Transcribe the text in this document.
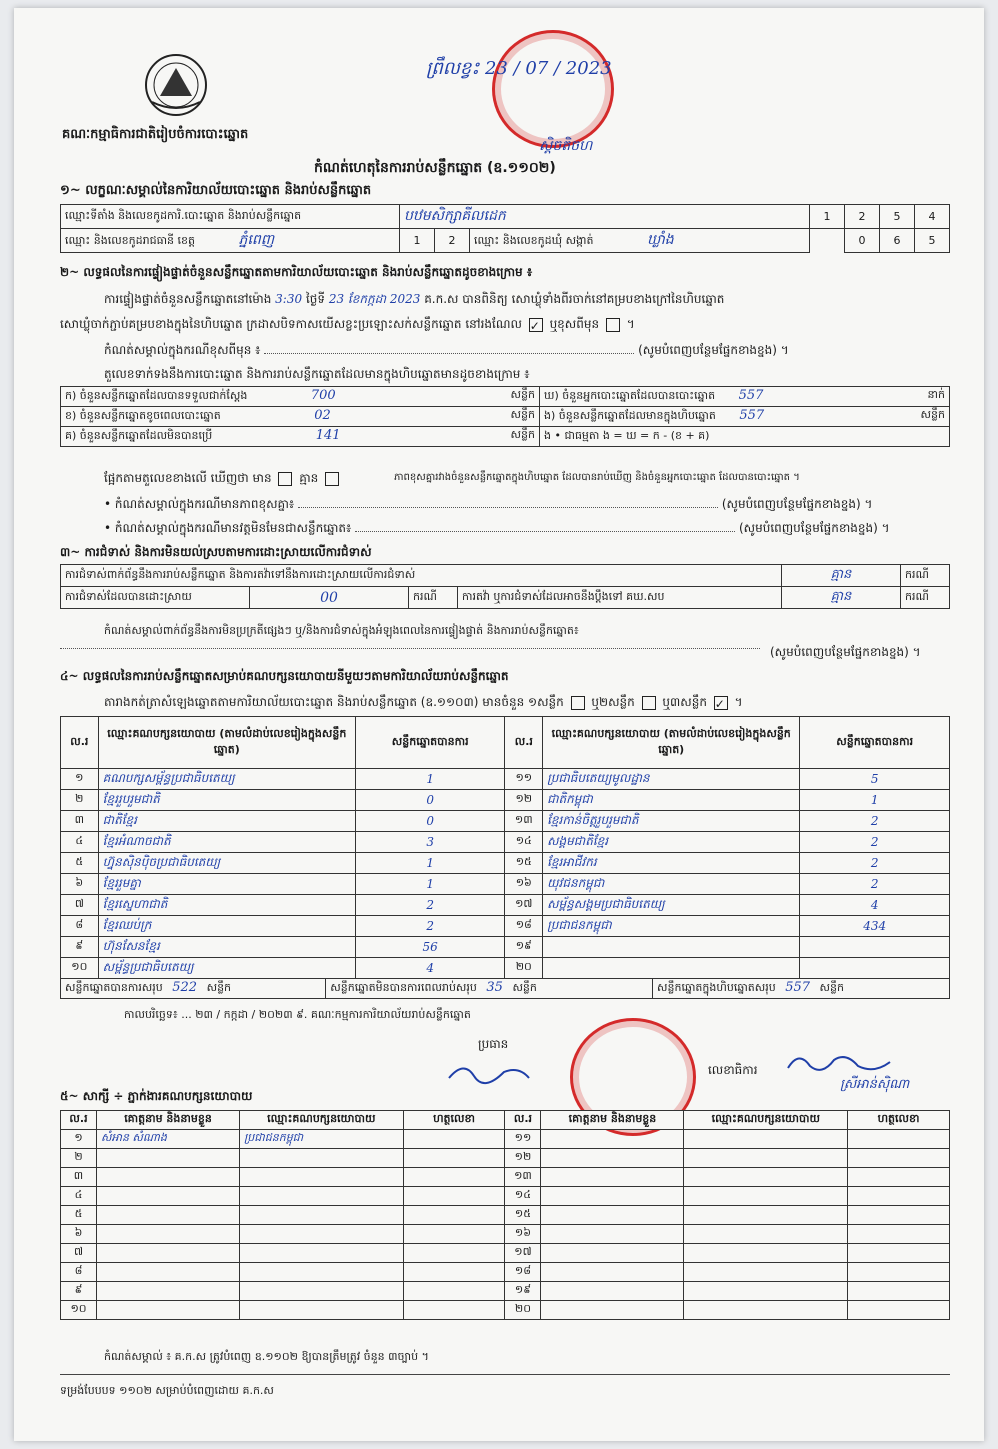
គណៈកម្មាធិការជាតិរៀបចំការបោះឆ្នោត
ព្រឹលខ្វះ 23 / 07 / 2023
ស្តិចតិចហ
កំណត់ហេតុនៃការរាប់សន្លឹកឆ្នោត (ឧ.១១០២)
១~ លក្ខណៈសម្គាល់នៃការិយាល័យបោះឆ្នោត និងរាប់សន្លឹកឆ្នោត
ឈ្មោះទីតាំង និងលេខកូដការិ.បោះឆ្នោត និងរាប់សន្លឹកឆ្នោត	បឋមសិក្សាគីលដេក			1	2	5	4
ឈ្មោះ និងលេខកូដរាជធានី ខេត្ត ភ្នំពេញ	1	2	ឈ្មោះ និងលេខកូដឃុំ សង្កាត់ ឃ្លាំង		0	6	5
២~ លទ្ធផលនៃការផ្ទៀងផ្ទាត់ចំនួនសន្លឹកឆ្នោតតាមការិយាល័យបោះឆ្នោត និងរាប់សន្លឹកឆ្នោតដូចខាងក្រោម ៖
ការផ្ទៀងផ្ទាត់ចំនួនសន្លឹកឆ្នោតនៅម៉ោង 3:30 ថ្ងៃទី 23 ខែកក្កដា 2023 គ.ក.ស បានពិនិត្យ សោឃ្លុំទាំងពីរចាក់នៅគម្របខាងក្រៅនៃហិបឆ្នោត
សោឃ្លុំចាក់ភ្ជាប់គម្របខាងក្នុងនៃហិបឆ្នោត ក្រដាសបិទកាសយើសខ្លះប្រឡោះសក់សន្លឹកឆ្នោត នៅរងណែល ✓ ឬខុសពីមុន  ។
កំណត់សម្គាល់ក្នុងករណីខុសពីមុន ៖	(សូមបំពេញបន្ថែមផ្នែកខាងខ្នង) ។
តួលេខទាក់ទងនឹងការបោះឆ្នោត និងការរាប់សន្លឹកឆ្នោតដែលមានក្នុងហិបឆ្នោតមានដូចខាងក្រោម ៖
ក) ចំនួនសន្លឹកឆ្នោតដែលបានទទួលជាក់ស្តែង 700 សន្លឹក	ឃ) ចំនួនអ្នកបោះឆ្នោតដែលបានបោះឆ្នោត 557 នាក់

ខ) ចំនួនសន្លឹកឆ្នោតខូចពេលបោះឆ្នោត 02 សន្លឹក	ង) ចំនួនសន្លឹកឆ្នោតដែលមានក្នុងហិបឆ្នោត 557 សន្លឹក

គ) ចំនួនសន្លឹកឆ្នោតដែលមិនបានប្រើ 141 សន្លឹក	ង • ជាធម្មតា ង = ឃ = ក - (ខ + គ)
ផ្អែកតាមតួលេខខាងលើ ឃើញថា មាន គ្មាន	ភាពខុសគ្នារវាងចំនួនសន្លឹកឆ្នោតក្នុងហិបឆ្នោត ដែលបានរាប់ឃើញ និងចំនួនអ្នកបោះឆ្នោត ដែលបានបោះឆ្នោត ។
• កំណត់សម្គាល់ក្នុងករណីមានភាពខុសគ្នា៖	(សូមបំពេញបន្ថែមផ្នែកខាងខ្នង) ។
• កំណត់សម្គាល់ក្នុងករណីមានវត្តមិនមែនជាសន្លឹកឆ្នោត៖	(សូមបំពេញបន្ថែមផ្នែកខាងខ្នង) ។
៣~ ការជំទាស់ និងការមិនយល់ស្របតាមការដោះស្រាយលើការជំទាស់
ការជំទាស់ពាក់ព័ន្ធនឹងការរាប់សន្លឹកឆ្នោត និងការតវ៉ាទៅនឹងការដោះស្រាយលើការជំទាស់				គ្មាន	ករណី
ការជំទាស់ដែលបានដោះស្រាយ	00	ករណី	ការតវ៉ា ឬការជំទាស់ដែលអាចនឹងប្តឹងទៅ គឃ.សប	គ្មាន	ករណី
កំណត់សម្គាល់ពាក់ព័ន្ធនឹងការមិនប្រក្រតីផ្សេងៗ ឬ/និងការជំទាស់ក្នុងអំឡុងពេលនៃការផ្ទៀងផ្ទាត់ និងការរាប់សន្លឹកឆ្នោត៖
(សូមបំពេញបន្ថែមផ្នែកខាងខ្នង) ។
៤~ លទ្ធផលនៃការរាប់សន្លឹកឆ្នោតសម្រាប់គណបក្សនយោបាយនីមួយៗតាមការិយាល័យរាប់សន្លឹកឆ្នោត
តារាងកត់ត្រាសំឡេងឆ្នោតតាមការិយាល័យបោះឆ្នោត និងរាប់សន្លឹកឆ្នោត (ឧ.១១០៣) មានចំនួន ១សន្លឹក ឬ២សន្លឹក ឬ៣សន្លឹក ✓ ។
ល.រ	ឈ្មោះគណបក្សនយោបាយ (តាមលំដាប់លេខរៀងក្នុងសន្លឹកឆ្នោត)	សន្លឹកឆ្នោតបានការ	ល.រ	ឈ្មោះគណបក្សនយោបាយ (តាមលំដាប់លេខរៀងក្នុងសន្លឹកឆ្នោត)	សន្លឹកឆ្នោតបានការ
១	គណបក្សសម្ព័ន្ធប្រជាធិបតេយ្យ	1	១១	ប្រជាធិបតេយ្យមូលដ្ឋាន	5
២	ខ្មែររួបរួមជាតិ	0	១២	ជាតិកម្ពុជា	1
៣	ជាតិខ្មែរ	0	១៣	ខ្មែរកាន់ចិត្តរួបរួមជាតិ	2
៤	ខ្មែរអំណាចជាតិ	3	១៤	សង្គមជាតិខ្មែរ	2
៥	ហ្វ៊ុនស៊ិនប៉ិចប្រជាធិបតេយ្យ	1	១៥	ខ្មែរអាជីវករ	2
៦	ខ្មែររួមគ្នា	1	១៦	យុវជនកម្ពុជា	2
៧	ខ្មែរស្នេហាជាតិ	2	១៧	សម្ព័ន្ធសង្គមប្រជាធិបតេយ្យ	4
៨	ខ្មែរឈប់ក្រ	2	១៨	ប្រជាជនកម្ពុជា	434
៩	ហ៊ុនសែនខ្មែរ	56	១៩		
១០	សម្ព័ន្ធប្រជាធិបតេយ្យ	4	២០		
សន្លឹកឆ្នោតបានការសរុប 522 សន្លឹក	សន្លឹកឆ្នោតមិនបានការពេលរាប់សរុប 35 សន្លឹក	សន្លឹកឆ្នោតក្នុងហិបឆ្នោតសរុប 557 សន្លឹក
កាលបរិច្ឆេទ៖ ... ២៣ / កក្កដា / ២០២៣ ៩. គណៈកម្មការការិយាល័យរាប់សន្លឹកឆ្នោត
ប្រធាន
លេខាធិការ
ស្រីអាន់ស៊ិណា
៥~ សាក្សី ÷ ភ្នាក់ងារគណបក្សនយោបាយ
ល.រ	គោត្តនាម និងនាមខ្លួន	ឈ្មោះគណបក្សនយោបាយ	ហត្ថលេខា	ល.រ	គោត្តនាម និងនាមខ្លួន	ឈ្មោះគណបក្សនយោបាយ	ហត្ថលេខា
១	សំអាន សំណាង	ប្រជាជនកម្ពុជា		១១			
២				១២			
៣				១៣			
៤				១៤			
៥				១៥			
៦				១៦			
៧				១៧			
៨				១៨			
៩				១៩			
១០				២០			
កំណត់សម្គាល់ ៖ គ.ក.ស ត្រូវបំពេញ ឧ.១១០២ ឱ្យបានត្រឹមត្រូវ ចំនួន ៣ច្បាប់ ។
ទម្រង់បែបបទ ១១០២ សម្រាប់បំពេញដោយ គ.ក.ស
